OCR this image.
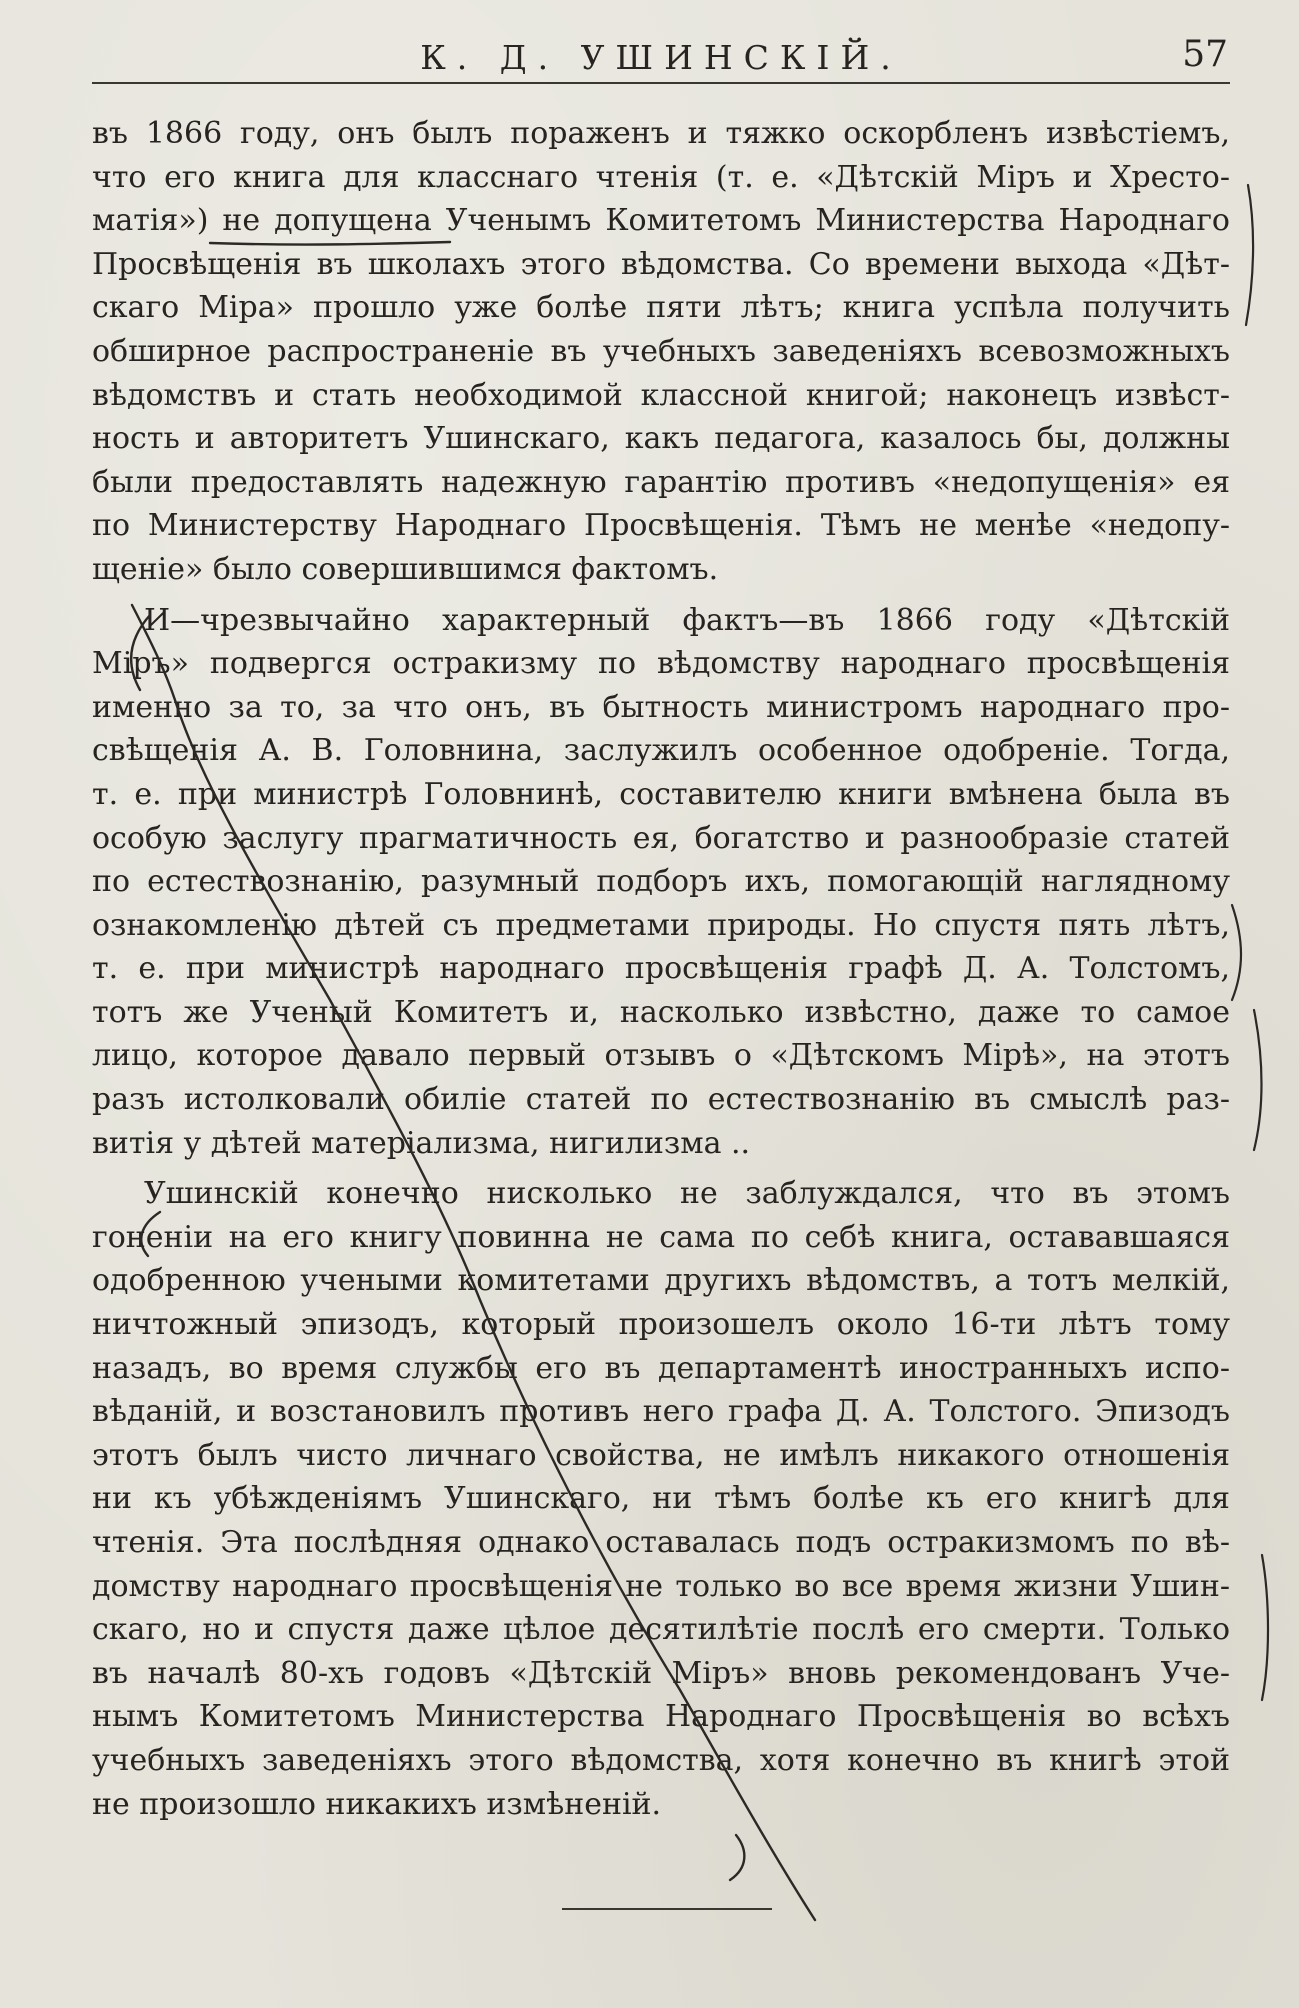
К. Д. УШИНСКІЙ.	57
въ 1866 году, онъ былъ пораженъ и тяжко оскорбленъ извѣстіемъ,
что его книга для класснаго чтенія (т. е. «Дѣтскій Міръ и Хресто-
матія») не допущена Ученымъ Комитетомъ Министерства Народнаго
Просвѣщенія въ школахъ этого вѣдомства. Со времени выхода «Дѣт-
скаго Міра» прошло уже болѣе пяти лѣтъ; книга успѣла получить
обширное распространеніе въ учебныхъ заведеніяхъ всевозможныхъ
вѣдомствъ и стать необходимой классной книгой; наконецъ извѣст-
ность и авторитетъ Ушинскаго, какъ педагога, казалось бы, должны
были предоставлять надежную гарантію противъ «недопущенія» ея
по Министерству Народнаго Просвѣщенія. Тѣмъ не менѣе «недопу-
щеніе» было совершившимся фактомъ.
И—чрезвычайно характерный фактъ—въ 1866 году «Дѣтскій
Міръ» подвергся остракизму по вѣдомству народнаго просвѣщенія
именно за то, за что онъ, въ бытность министромъ народнаго про-
свѣщенія А. В. Головнина, заслужилъ особенное одобреніе. Тогда,
т. е. при министрѣ Головнинѣ, составителю книги вмѣнена была въ
особую заслугу прагматичность ея, богатство и разнообразіе статей
по естествознанію, разумный подборъ ихъ, помогающій наглядному
ознакомленію дѣтей съ предметами природы. Но спустя пять лѣтъ,
т. е. при министрѣ народнаго просвѣщенія графѣ Д. А. Толстомъ,
тотъ же Ученый Комитетъ и, насколько извѣстно, даже то самое
лицо, которое давало первый отзывъ о «Дѣтскомъ Мірѣ», на этотъ
разъ истолковали обиліе статей по естествознанію въ смыслѣ раз-
витія у дѣтей матеріализма, нигилизма ..
Ушинскій конечно нисколько не заблуждался, что въ этомъ
гоненіи на его книгу повинна не сама по себѣ книга, остававшаяся
одобренною учеными комитетами другихъ вѣдомствъ, а тотъ мелкій,
ничтожный эпизодъ, который произошелъ около 16-ти лѣтъ тому
назадъ, во время службы его въ департаментѣ иностранныхъ испо-
вѣданій, и возстановилъ противъ него графа Д. А. Толстого. Эпизодъ
этотъ былъ чисто личнаго свойства, не имѣлъ никакого отношенія
ни къ убѣжденіямъ Ушинскаго, ни тѣмъ болѣе къ его книгѣ для
чтенія. Эта послѣдняя однако оставалась подъ остракизмомъ по вѣ-
домству народнаго просвѣщенія не только во все время жизни Ушин-
скаго, но и спустя даже цѣлое десятилѣтіе послѣ его смерти. Только
въ началѣ 80-хъ годовъ «Дѣтскій Міръ» вновь рекомендованъ Уче-
нымъ Комитетомъ Министерства Народнаго Просвѣщенія во всѣхъ
учебныхъ заведеніяхъ этого вѣдомства, хотя конечно въ книгѣ этой
не произошло никакихъ измѣненій.
